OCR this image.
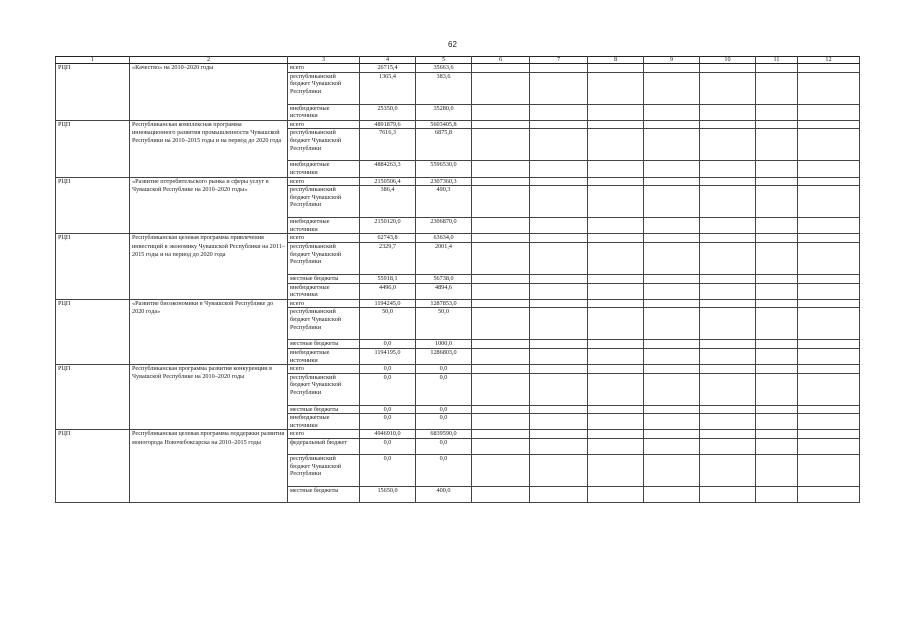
62
1	2	3	4	5	6	7	8	9	10	11	12
РЦП	«Качество» на 2010–2020 годы	всего	26715,4	35663,6							
		республиканский бюджет Чувашской Республики	1365,4	383,6							
		внебюджетные источники	25350,0	35280,0							
РЦП	Республиканская комплексная программа инновационного развития промышленности Чувашской Республики на 2010–2015 годы и на период до 2020 года	всего	4891879,6	5603405,8							
		республиканский бюджет Чувашской Республики	7616,3	6875,8							
		внебюджетные источники	4884263,3	5596530,0							
РЦП	«Развитие потребительского рынка и сферы услуг в Чувашской Республике на 2010–2020 годы»	всего	2150506,4	2307360,3							
		республиканский бюджет Чувашской Республики	386,4	490,3							
		внебюджетные источники	2150120,0	2306870,0							
РЦП	Республиканская целевая программа привлечения инвестиций в экономику Чувашской Республики на 2011–2015 годы и на период до 2020 года	всего	62743,8	63634,0							
		республиканский бюджет Чувашской Республики	2329,7	2001,4							
		местные бюджеты	55918,1	56738,0							
		внебюджетные источники	4496,0	4894,6							
РЦП	«Развитие биоэкономики в Чувашской Республике до 2020 года»	всего	1194245,0	1287853,0							
		республиканский бюджет Чувашской Республики	50,0	50,0							
		местные бюджеты	0,0	1000,0							
		внебюджетные источники	1194195,0	1286803,0							
РЦП	Республиканская программа развития конкуренции в Чувашской Республике на 2010–2020 годы	всего	0,0	0,0							
		республиканский бюджет Чувашской Республики	0,0	0,0							
		местные бюджеты	0,0	0,0							
		внебюджетные источники	0,0	0,0							
РЦП	Республиканская целевая программа поддержки развития моногорода Новочебоксарска на 2010–2015 годы	всего	4946910,0	6839590,0							
		федеральный бюджет	0,0	0,0							
		республиканский бюджет Чувашской Республики	0,0	0,0							
		местные бюджеты	15650,0	400,0							
